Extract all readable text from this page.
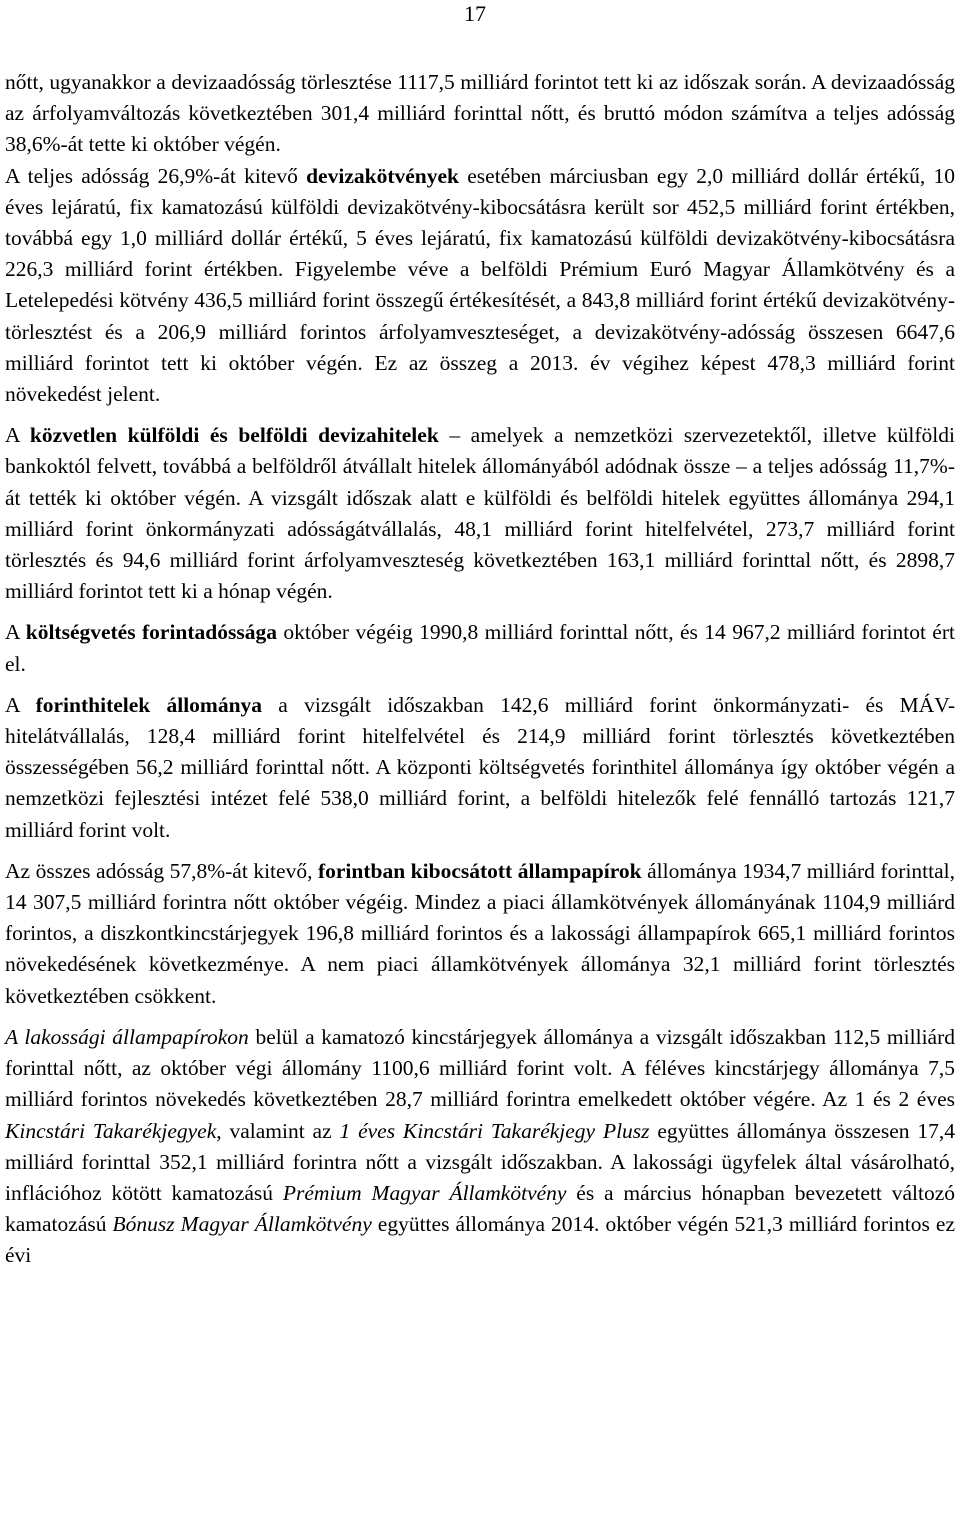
17

nőtt, ugyanakkor a devizaadósság törlesztése 1117,5 milliárd forintot tett ki az időszak során. A devizaadósság az árfolyamváltozás következtében 301,4 milliárd forinttal nőtt, és bruttó módon számítva a teljes adósság 38,6%-át tette ki október végén.

A teljes adósság 26,9%-át kitevő devizakötvények esetében márciusban egy 2,0 milliárd dollár értékű, 10 éves lejáratú, fix kamatozású külföldi devizakötvény-kibocsátásra került sor 452,5 milliárd forint értékben, továbbá egy 1,0 milliárd dollár értékű, 5 éves lejáratú, fix kamatozású külföldi devizakötvény-kibocsátásra 226,3 milliárd forint értékben. Figyelembe véve a belföldi Prémium Euró Magyar Államkötvény és a Letelepedési kötvény 436,5 milliárd forint összegű értékesítését, a 843,8 milliárd forint értékű devizakötvény-törlesztést és a 206,9 milliárd forintos árfolyamveszteséget, a devizakötvény-adósság összesen 6647,6 milliárd forintot tett ki október végén. Ez az összeg a 2013. év végihez képest 478,3 milliárd forint növekedést jelent.

A közvetlen külföldi és belföldi devizahitelek – amelyek a nemzetközi szervezetektől, illetve külföldi bankoktól felvett, továbbá a belföldről átvállalt hitelek állományából adódnak össze – a teljes adósság 11,7%-át tették ki október végén. A vizsgált időszak alatt e külföldi és belföldi hitelek együttes állománya 294,1 milliárd forint önkormányzati adósságátvállalás, 48,1 milliárd forint hitelfelvétel, 273,7 milliárd forint törlesztés és 94,6 milliárd forint árfolyamveszteség következtében 163,1 milliárd forinttal nőtt, és 2898,7 milliárd forintot tett ki a hónap végén.

A költségvetés forintadóssága október végéig 1990,8 milliárd forinttal nőtt, és 14 967,2 milliárd forintot ért el.

A forinthitelek állománya a vizsgált időszakban 142,6 milliárd forint önkormányzati- és MÁV- hitelátvállalás, 128,4 milliárd forint hitelfelvétel és 214,9 milliárd forint törlesztés következtében összességében 56,2 milliárd forinttal nőtt. A központi költségvetés forinthitel állománya így október végén a nemzetközi fejlesztési intézet felé 538,0 milliárd forint, a belföldi hitelezők felé fennálló tartozás 121,7 milliárd forint volt.

Az összes adósság 57,8%-át kitevő, forintban kibocsátott állampapírok állománya 1934,7 milliárd forinttal, 14 307,5 milliárd forintra nőtt október végéig. Mindez a piaci államkötvények állományának 1104,9 milliárd forintos, a diszkontkincstárjegyek 196,8 milliárd forintos és a lakossági állampapírok 665,1 milliárd forintos növekedésének következménye. A nem piaci államkötvények állománya 32,1 milliárd forint törlesztés következtében csökkent.

A lakossági állampapírokon belül a kamatozó kincstárjegyek állománya a vizsgált időszakban 112,5 milliárd forinttal nőtt, az október végi állomány 1100,6 milliárd forint volt. A féléves kincstárjegy állománya 7,5 milliárd forintos növekedés következtében 28,7 milliárd forintra emelkedett október végére. Az 1 és 2 éves Kincstári Takarékjegyek, valamint az 1 éves Kincstári Takarékjegy Plusz együttes állománya összesen 17,4 milliárd forinttal 352,1 milliárd forintra nőtt a vizsgált időszakban. A lakossági ügyfelek által vásárolható, inflációhoz kötött kamatozású Prémium Magyar Államkötvény és a március hónapban bevezetett változó kamatozású Bónusz Magyar Államkötvény együttes állománya 2014. október végén 521,3 milliárd forintos ez évi
